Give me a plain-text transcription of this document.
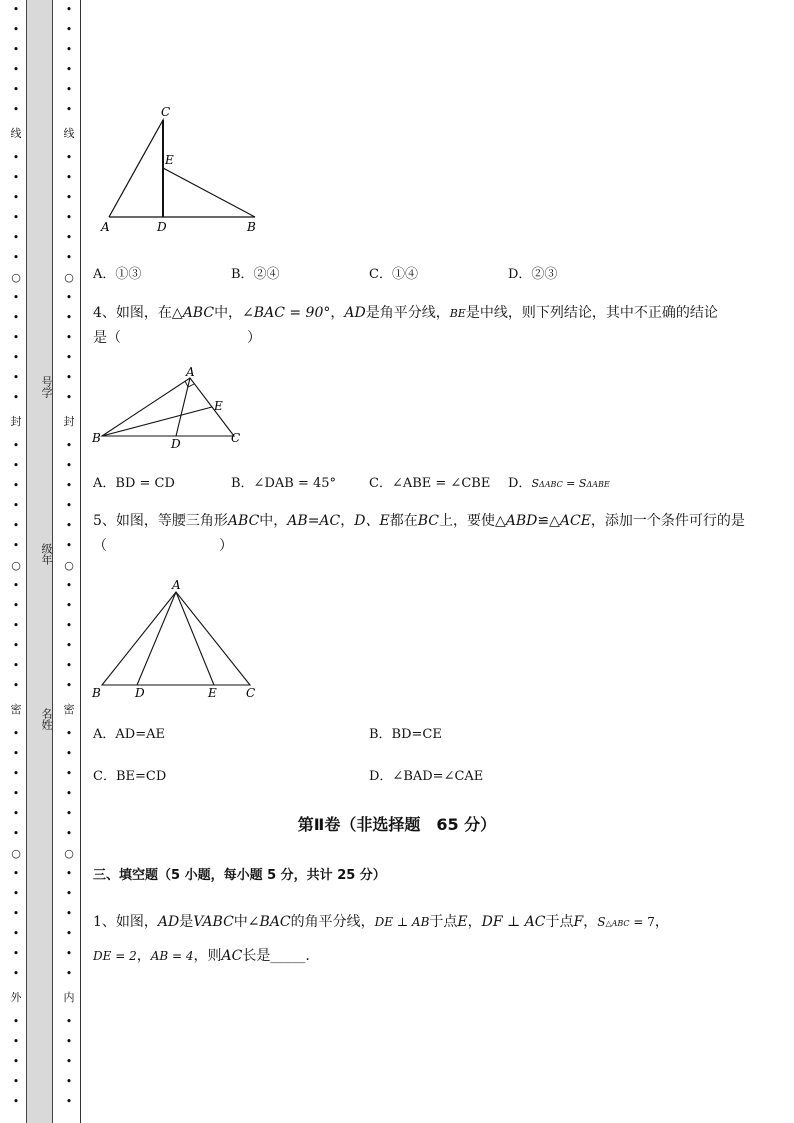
•
•
•
•
•
•
线
•
•
•
•
•
•
○
•
•
•
•
•
•
封
•
•
•
•
•
•
○
•
•
•
•
•
•
密
•
•
•
•
•
•
○
•
•
•
•
•
•
外
•
•
•
•
•
号学
级年
名姓
•
•
•
•
•
•
线
•
•
•
•
•
•
○
•
•
•
•
•
•
封
•
•
•
•
•
•
○
•
•
•
•
•
•
密
•
•
•
•
•
•
○
•
•
•
•
•
•
内
•
•
•
•
•
C
E
A	D	B
A．①③	B．②④	C．①④	D．②③
4、如图，在△ABC中，∠BAC = 90°，AD是角平分线，BE是中线，则下列结论，其中不正确的结论
是（　　　　　　　　　）
A
E
B	D	C
A．BD = CD	B．∠DAB = 45°	C．∠ABE = ∠CBE D．SΔABC = SΔABE
5、如图，等腰三角形ABC中，AB=AC，D、E都在BC上，要使△ABD≌△ACE，添加一个条件可行的是
（　　　　　　　　）
A
B	D	E C
A．AD=AE	B．BD=CE
C．BE=CD	D．∠BAD=∠CAE
第Ⅱ卷（非选择题　65 分）
三、填空题（5 小题，每小题 5 分，共计 25 分）
1、如图，AD是VABC中∠BAC的角平分线，DE ⊥ AB于点E，DF ⊥ AC于点F，S△ABC = 7，
DE = 2，AB = 4，则AC长是_____.
